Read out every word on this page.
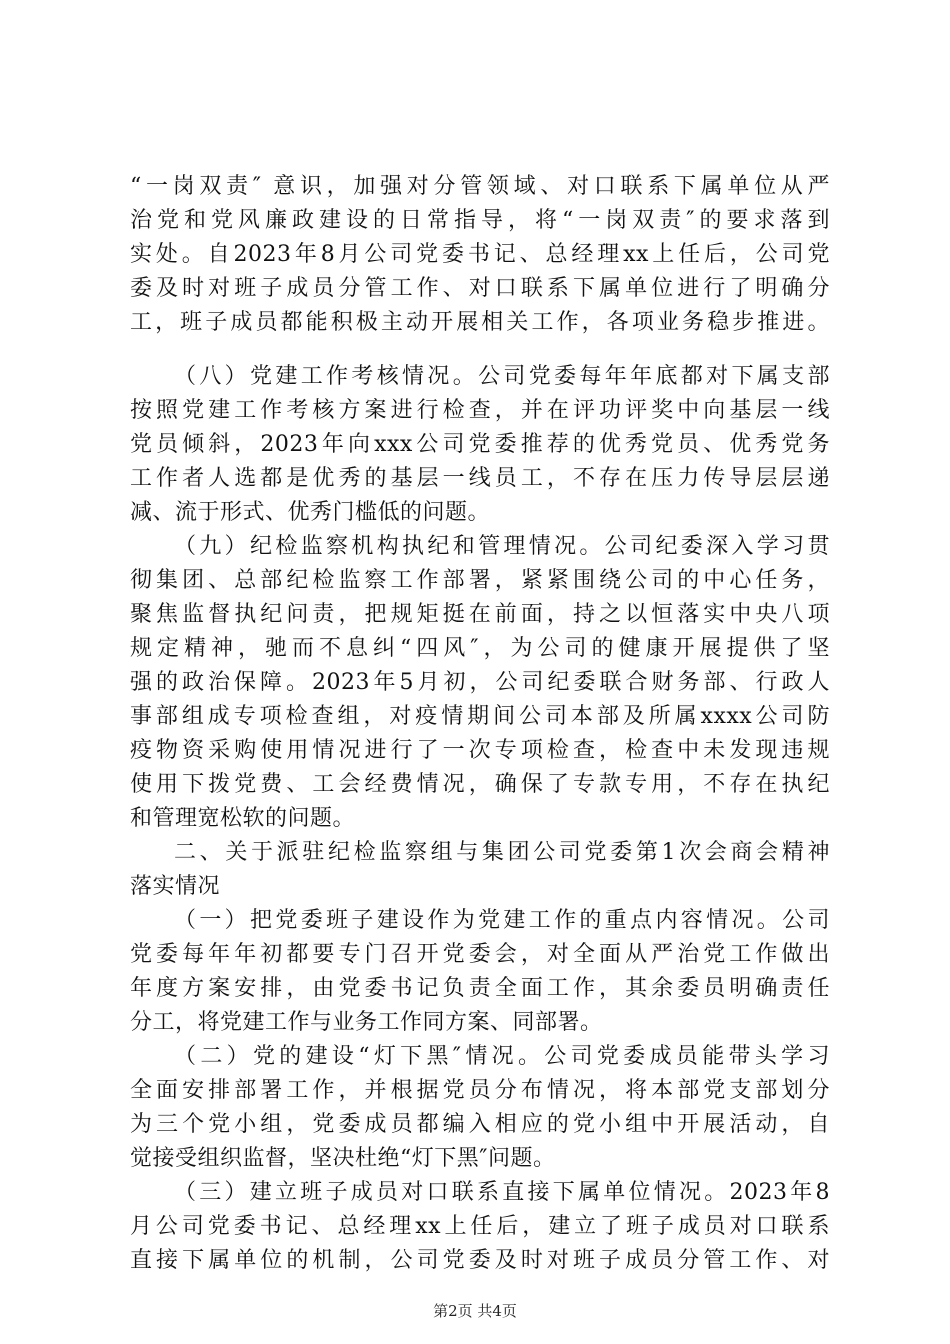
“一岗双责″ 意识，加强对分管领域、对口联系下属单位从严
治党和党风廉政建设的日常指导，将“一岗双责″的要求落到
实处。自2023年8月公司党委书记、总经理xx上任后，公司党
委及时对班子成员分管工作、对口联系下属单位进行了明确分
工，班子成员都能积极主动开展相关工作，各项业务稳步推进。
（八）党建工作考核情况。公司党委每年年底都对下属支部
按照党建工作考核方案进行检查，并在评功评奖中向基层一线
党员倾斜，2023年向xxx公司党委推荐的优秀党员、优秀党务
工作者人选都是优秀的基层一线员工，不存在压力传导层层递
减、流于形式、优秀门槛低的问题。
（九）纪检监察机构执纪和管理情况。公司纪委深入学习贯
彻集团、总部纪检监察工作部署，紧紧围绕公司的中心任务，
聚焦监督执纪问责，把规矩挺在前面，持之以恒落实中央八项
规定精神，驰而不息纠“四风″，为公司的健康开展提供了坚
强的政治保障。2023年5月初，公司纪委联合财务部、行政人
事部组成专项检查组，对疫情期间公司本部及所属xxxx公司防
疫物资采购使用情况进行了一次专项检查，检查中未发现违规
使用下拨党费、工会经费情况，确保了专款专用，不存在执纪
和管理宽松软的问题。
二、关于派驻纪检监察组与集团公司党委第1次会商会精神
落实情况
（一）把党委班子建设作为党建工作的重点内容情况。公司
党委每年年初都要专门召开党委会，对全面从严治党工作做出
年度方案安排，由党委书记负责全面工作，其余委员明确责任
分工，将党建工作与业务工作同方案、同部署。
（二）党的建设“灯下黑″情况。公司党委成员能带头学习
全面安排部署工作，并根据党员分布情况，将本部党支部划分
为三个党小组，党委成员都编入相应的党小组中开展活动，自
觉接受组织监督，坚决杜绝“灯下黑″问题。
（三）建立班子成员对口联系直接下属单位情况。2023年8
月公司党委书记、总经理xx上任后，建立了班子成员对口联系
直接下属单位的机制，公司党委及时对班子成员分管工作、对
第2页 共4页
